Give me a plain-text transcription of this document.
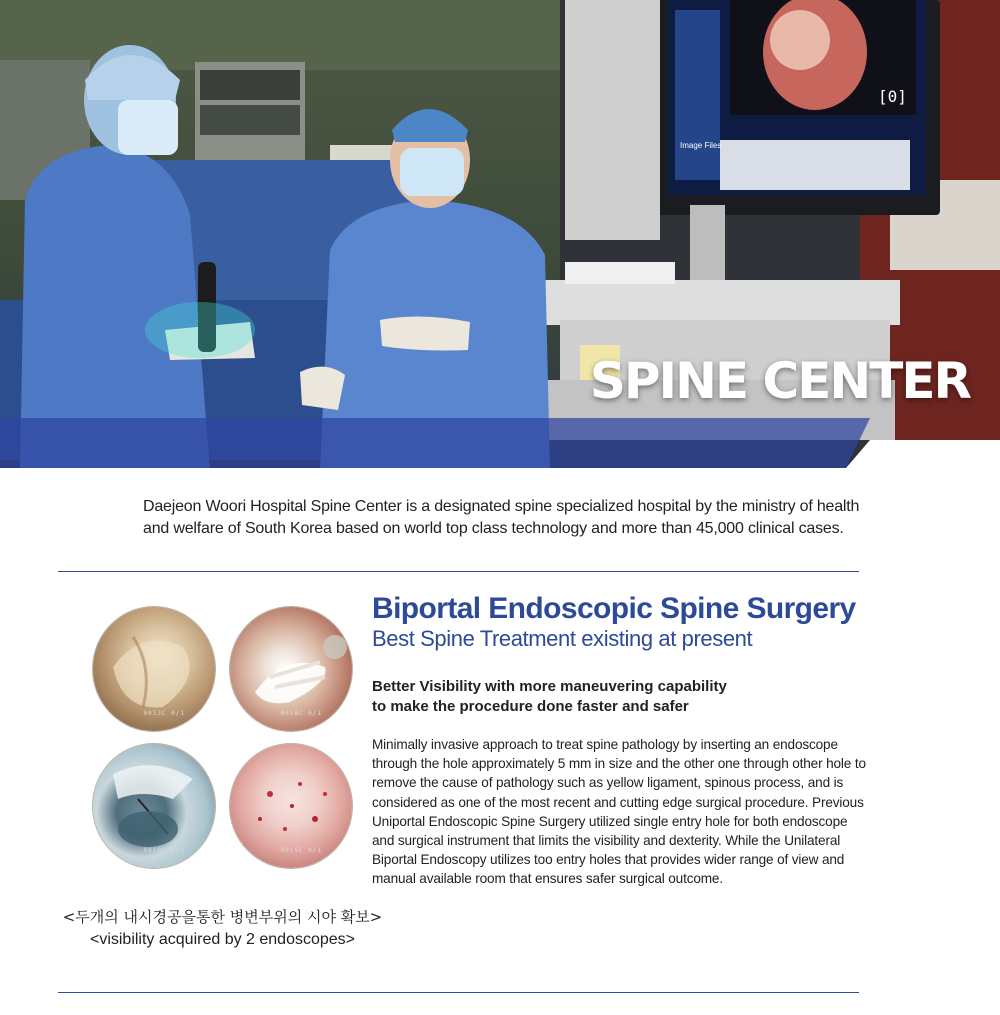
[0]
Image Files
SPINE CENTER

Daejeon Woori Hospital Spine Center is a designated spine specialized hospital by the ministry of health and welfare of South Korea based on world top class technology and more than 45,000 clinical cases.

0013C 0/1	0018C 0/1
0010C 0/1	0015C 0/1
<두개의 내시경공을통한 병변부위의 시야 확보>
<visibility acquired by 2 endoscopes>
Biportal Endoscopic Spine Surgery
Best Spine Treatment existing at present
Better Visibility with more maneuvering capability
to make the procedure done faster and safer

Minimally invasive approach to treat spine pathology by inserting an endoscope through the hole approximately 5 mm in size and the other one through other hole to remove the cause of pathology such as yellow ligament, spinous process, and is considered as one of the most recent and cutting edge surgical procedure. Previous Uniportal Endoscopic Spine Surgery utilized single entry hole for both endoscope and surgical instrument that limits the visibility and dexterity. While the Unilateral Biportal Endoscopy utilizes too entry holes that provides wider range of view and manual available room that ensures safer surgical outcome.
